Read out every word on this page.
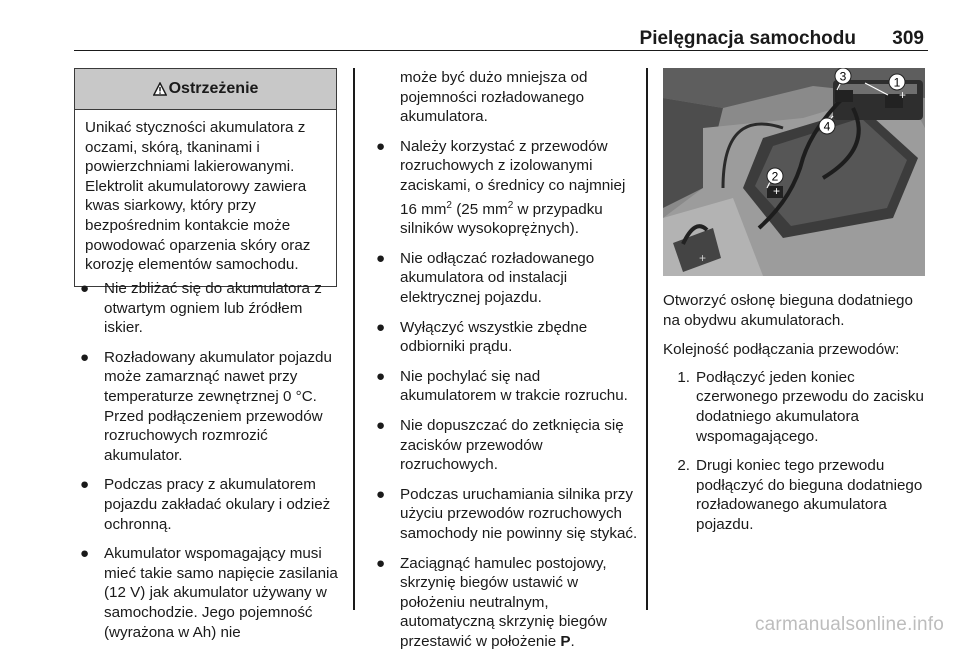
Pielęgnacja samochodu 309
Ostrzeżenie
Unikać styczności akumulatora z oczami, skórą, tkaninami i powierzchniami lakierowanymi. Elektrolit akumulatorowy zawiera kwas siarkowy, który przy bezpośrednim kontakcie może powodować oparzenia skóry oraz korozję elementów samochodu.
● Nie zbliżać się do akumulatora z otwartym ogniem lub źródłem iskier.
● Rozładowany akumulator pojazdu może zamarznąć nawet przy temperaturze zewnętrznej 0 °C. Przed podłączeniem przewodów rozruchowych rozmrozić akumulator.
● Podczas pracy z akumulatorem pojazdu zakładać okulary i odzież ochronną.
● Akumulator wspomagający musi mieć takie samo napięcie zasilania (12 V) jak akumulator używany w samochodzie. Jego pojemność (wyrażona w Ah) nie
może być dużo mniejsza od pojemności rozładowanego akumulatora.
● Należy korzystać z przewodów rozruchowych z izolowanymi zaciskami, o średnicy co najmniej 16 $mm^2$ (25 $mm^2$ w przypadku silników wysokoprężnych).
● Nie odłączać rozładowanego akumulatora od instalacji elektrycznej pojazdu.
● Wyłączyć wszystkie zbędne odbiorniki prądu.
● Nie pochylać się nad akumulatorem w trakcie rozruchu.
● Nie dopuszczać do zetknięcia się zacisków przewodów rozruchowych.
● Podczas uruchamiania silnika przy użyciu przewodów rozruchowych samochody nie powinny się stykać.
● Zaciągnąć hamulec postojowy, skrzynię biegów ustawić w położeniu neutralnym, automatyczną skrzynię biegów przestawić w położenie P.
+
+
+
1
2
3
4
Otworzyć osłonę bieguna dodatniego na obydwu akumulatorach.
Kolejność podłączania przewodów:
1. Podłączyć jeden koniec czerwonego przewodu do zacisku dodatniego akumulatora wspomagającego.
2. Drugi koniec tego przewodu podłączyć do bieguna dodatniego rozładowanego akumulatora pojazdu.
carmanualsonline.info
